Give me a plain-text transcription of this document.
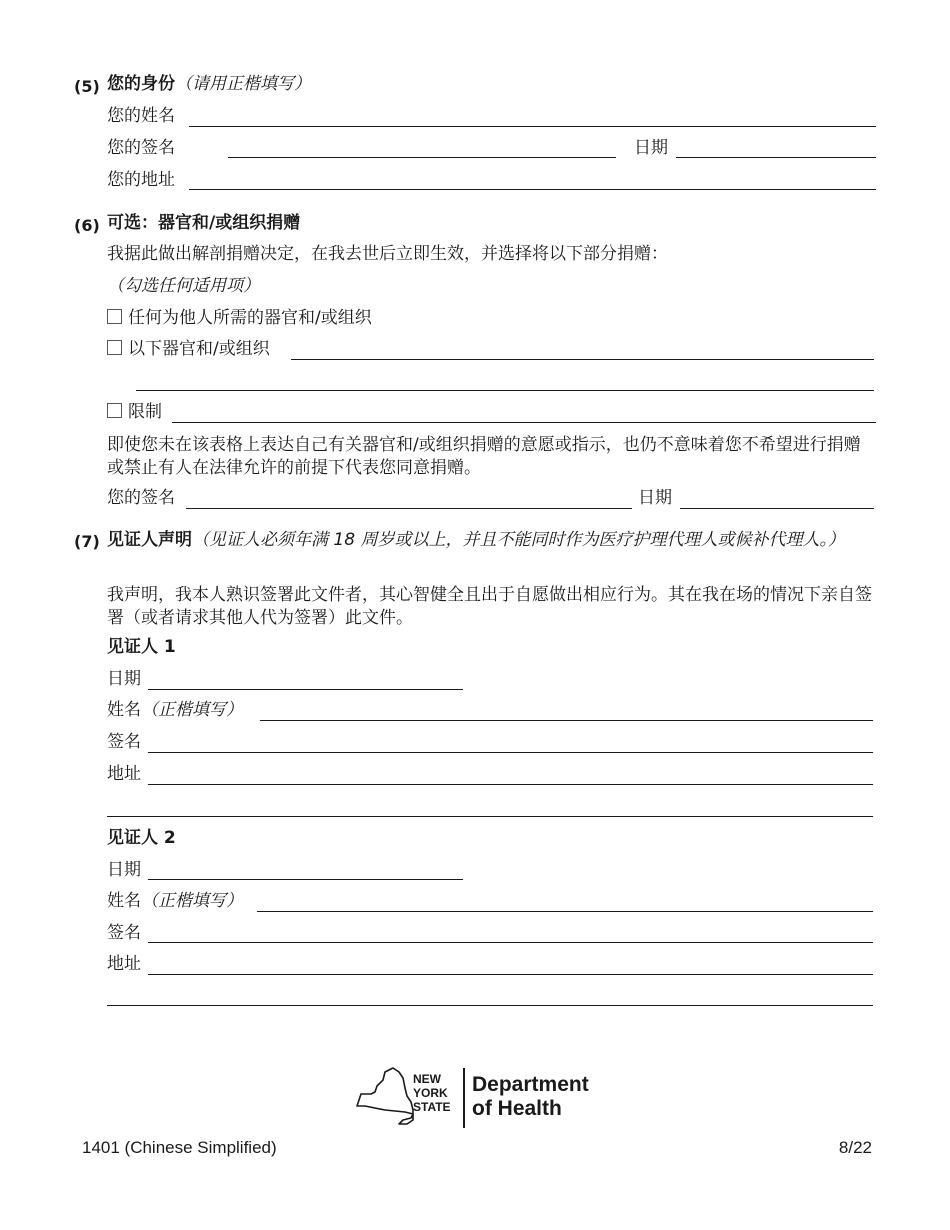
(5) 您的身份（请用正楷填写）
您的姓名
您的签名	日期
您的地址
(6) 可选：器官和/或组织捐赠
我据此做出解剖捐赠决定，在我去世后立即生效，并选择将以下部分捐赠：
（勾选任何适用项）
任何为他人所需的器官和/或组织
以下器官和/或组织
限制
即使您未在该表格上表达自己有关器官和/或组织捐赠的意愿或指示，也仍不意味着您不希望进行捐赠或禁止有人在法律允许的前提下代表您同意捐赠。
您的签名	日期
(7) 见证人声明（见证人必须年满 18 周岁或以上，并且不能同时作为医疗护理代理人或候补代理人。）
我声明，我本人熟识签署此文件者，其心智健全且出于自愿做出相应行为。其在我在场的情况下亲自签署（或者请求其他人代为签署）此文件。
见证人 1
日期
姓名（正楷填写）
签名
地址
见证人 2
日期
姓名（正楷填写）
签名
地址
NEW
YORK
STATE
Department
of Health
1401 (Chinese Simplified)	8/22
